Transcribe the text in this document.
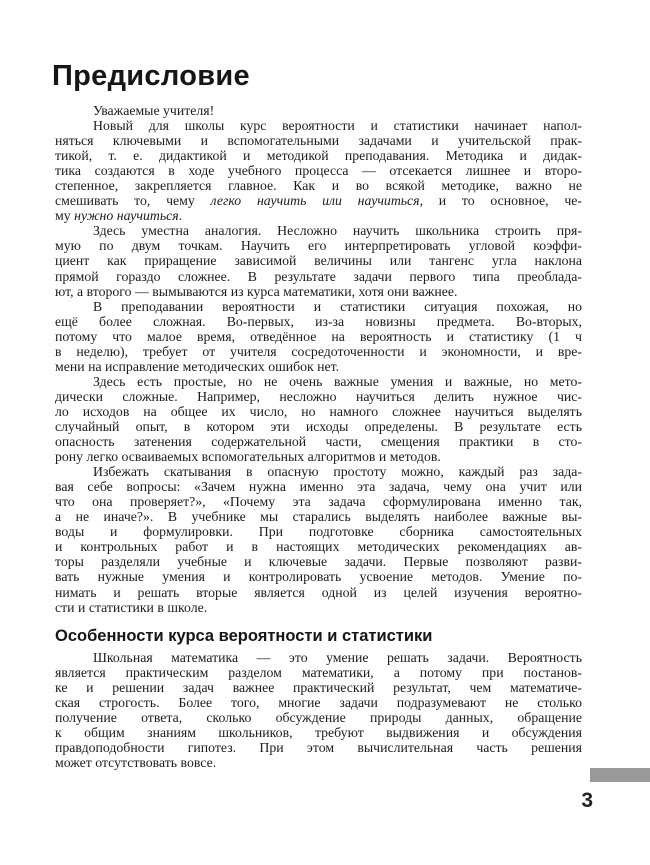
Предисловие

Уважаемые учителя!

Новый для школы курс вероятности и статистики начинает напол-
няться ключевыми и вспомогательными задачами и учительской прак-
тикой, т. е. дидактикой и методикой преподавания. Методика и дидак-
тика создаются в ходе учебного процесса — отсекается лишнее и второ-
степенное, закрепляется главное. Как и во всякой методике, важно не
смешивать то, чему легко научить или научиться, и то основное, че-
му нужно научиться.

Здесь уместна аналогия. Несложно научить школьника строить пря-
мую по двум точкам. Научить его интерпретировать угловой коэффи-
циент как приращение зависимой величины или тангенс угла наклона
прямой гораздо сложнее. В результате задачи первого типа преоблада-
ют, а второго — вымываются из курса математики, хотя они важнее.

В преподавании вероятности и статистики ситуация похожая, но
ещё более сложная. Во-первых, из-за новизны предмета. Во-вторых,
потому что малое время, отведённое на вероятность и статистику (1 ч
в неделю), требует от учителя сосредоточенности и экономности, и вре-
мени на исправление методических ошибок нет.

Здесь есть простые, но не очень важные умения и важные, но мето-
дически сложные. Например, несложно научиться делить нужное чис-
ло исходов на общее их число, но намного сложнее научиться выделять
случайный опыт, в котором эти исходы определены. В результате есть
опасность затенения содержательной части, смещения практики в сто-
рону легко осваиваемых вспомогательных алгоритмов и методов.

Избежать скатывания в опасную простоту можно, каждый раз зада-
вая себе вопросы: «Зачем нужна именно эта задача, чему она учит или
что она проверяет?», «Почему эта задача сформулирована именно так,
а не иначе?». В учебнике мы старались выделять наиболее важные вы-
воды и формулировки. При подготовке сборника самостоятельных
и контрольных работ и в настоящих методических рекомендациях ав-
торы разделяли учебные и ключевые задачи. Первые позволяют разви-
вать нужные умения и контролировать усвоение методов. Умение по-
нимать и решать вторые является одной из целей изучения вероятно-
сти и статистики в школе.

Особенности курса вероятности и статистики

Школьная математика — это умение решать задачи. Вероятность
является практическим разделом математики, а потому при постанов-
ке и решении задач важнее практический результат, чем математиче-
ская строгость. Более того, многие задачи подразумевают не столько
получение ответа, сколько обсуждение природы данных, обращение
к общим знаниям школьников, требуют выдвижения и обсуждения
правдоподобности гипотез. При этом вычислительная часть решения
может отсутствовать вовсе.

3
